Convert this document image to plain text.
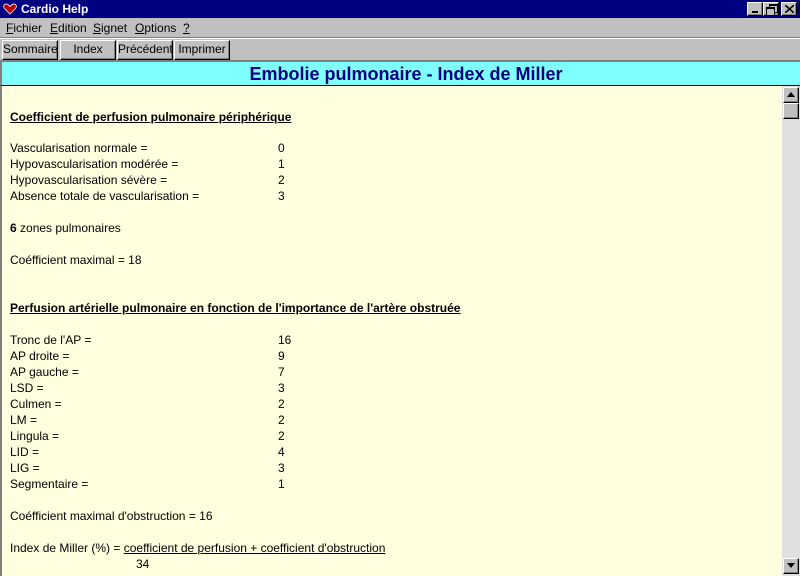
Cardio Help
Fichier Edition Signet Options ?
Sommaire	Index	Précédent Imprimer
Embolie pulmonaire - Index de Miller
Coefficient de perfusion pulmonaire périphérique
Vascularisation normale =	0
Hypovascularisation modérée =	1
Hypovascularisation sévère =	2
Absence totale de vascularisation =	3
6 zones pulmonaires
Coéfficient maximal = 18
Perfusion artérielle pulmonaire en fonction de l'importance de l'artère obstruée
Tronc de l'AP =	16
AP droite =	9
AP gauche =	7
LSD =	3
Culmen =	2
LM =	2
Lingula =	2
LID =	4
LIG =	3
Segmentaire =	1
Coéfficient maximal d'obstruction = 16
Index de Miller (%) = coefficient de perfusion + coefficient d'obstruction
34
